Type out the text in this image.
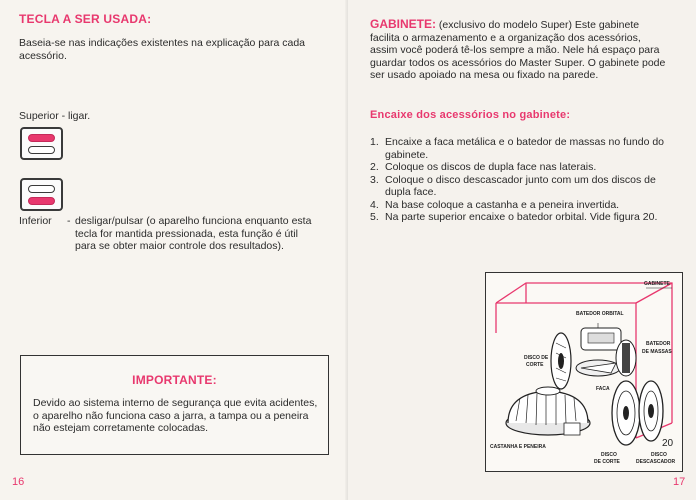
TECLA A SER USADA:
Baseia-se nas indicações existentes na explicação para cada acessório.
Superior - ligar.
Inferior - desligar/pulsar (o aparelho funciona enquanto esta tecla for mantida pressionada, esta função é útil para se obter maior controle dos resultados).
IMPORTANTE:
Devido ao sistema interno de segurança que evita acidentes, o aparelho não funciona caso a jarra, a tampa ou a peneira não estejam corretamente colocadas.
16
GABINETE: (exclusivo do modelo Super) Este gabinete facilita o armazenamento e a organização dos acessórios, assim você poderá tê-los sempre a mão. Nele há espaço para guardar todos os acessórios do Master Super. O gabinete pode ser usado apoiado na mesa ou fixado na parede.
Encaixe dos acessórios no gabinete:
1. Encaixe a faca metálica e o batedor de massas no fundo do gabinete.
2. Coloque os discos de dupla face nas laterais.
3. Coloque o disco descascador junto com um dos discos de dupla face.
4. Na base coloque a castanha e a peneira invertida.
5. Na parte superior encaixe o batedor orbital. Vide figura 20.
GABINETE
BATEDOR ORBITAL
BATEDOR
DE MASSAS
DISCO DE
CORTE
FACA
CASTANHA E PENEIRA
DISCO
DE CORTE
DISCO
DESCASCADOR
20
17
